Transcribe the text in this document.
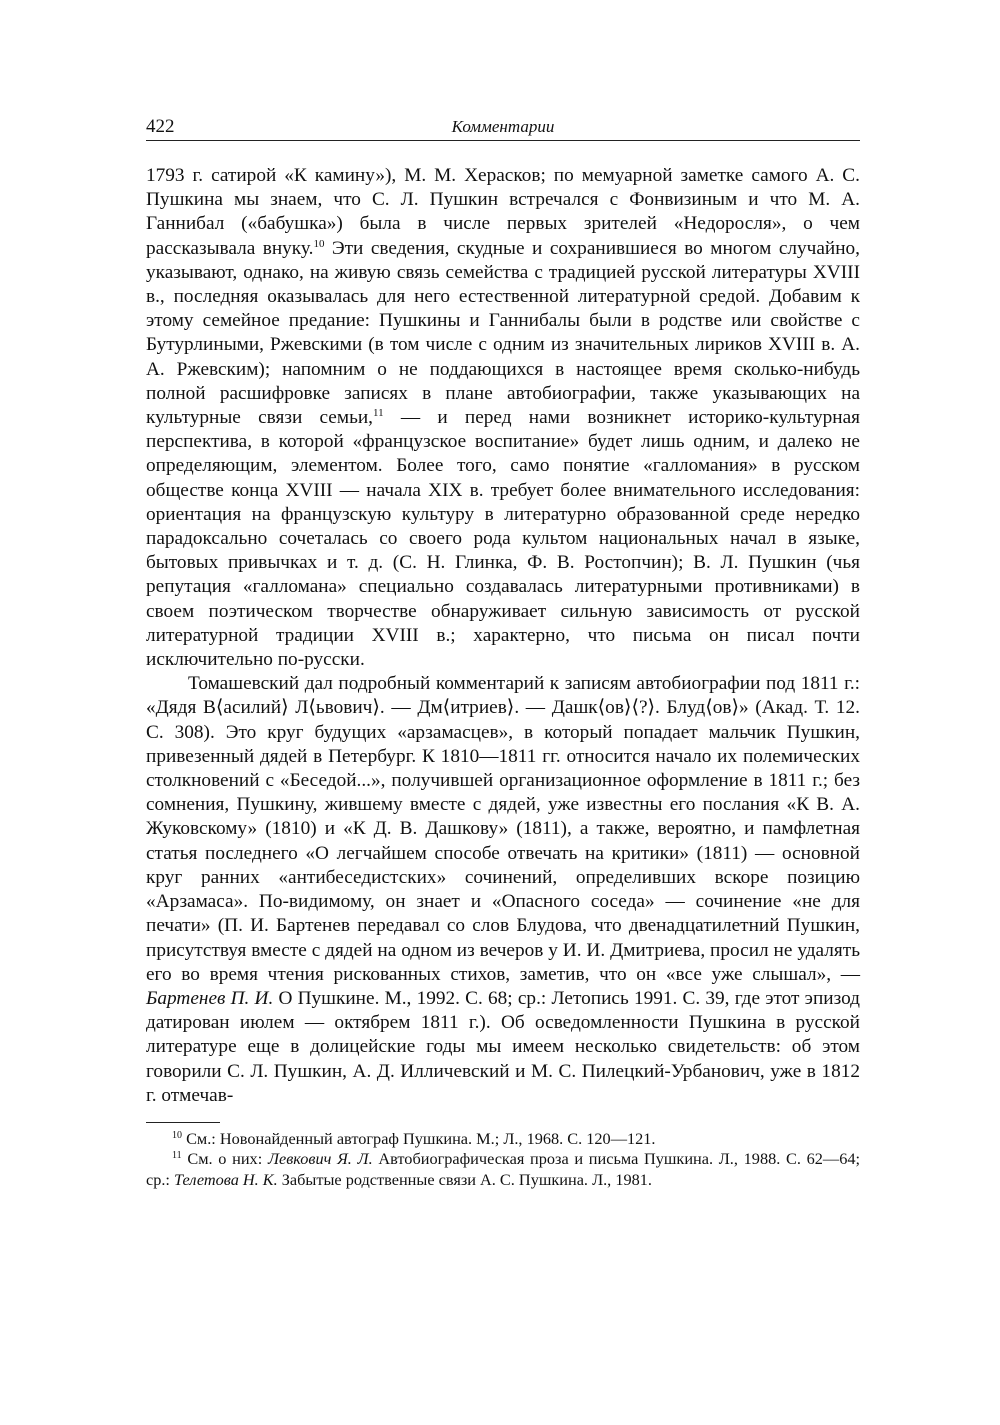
422	Комментарии

1793 г. сатирой «К камину»), М. М. Херасков; по мемуарной заметке самого А. С. Пушкина мы знаем, что С. Л. Пушкин встречался с Фонвизиным и что М. А. Ганнибал («бабушка») была в числе первых зрителей «Недоросля», о чем рассказывала внуку.$^{10}$ Эти сведения, скудные и сохранившиеся во многом случайно, указывают, однако, на живую связь семейства с традицией русской литературы XVIII в., последняя оказывалась для него естественной литературной средой. Добавим к этому семейное предание: Пушкины и Ганнибалы были в родстве или свойстве с Бутурлиными, Ржевскими (в том числе с одним из значительных лириков XVIII в. А. А. Ржевским); напомним о не поддающихся в настоящее время сколько-нибудь полной расшифровке записях в плане автобиографии, также указывающих на культурные связи семьи,$^{11}$ — и перед нами возникнет историко-культурная перспектива, в которой «французское воспитание» будет лишь одним, и далеко не определяющим, элементом. Более того, само понятие «галломания» в русском обществе конца XVIII — начала XIX в. требует более внимательного исследования: ориентация на французскую культуру в литературно образованной среде нередко парадоксально сочеталась со своего рода культом национальных начал в языке, бытовых привычках и т. д. (С. Н. Глинка, Ф. В. Ростопчин); В. Л. Пушкин (чья репутация «галломана» специально создавалась литературными противниками) в своем поэтическом творчестве обнаруживает сильную зависимость от русской литературной традиции XVIII в.; характерно, что письма он писал почти исключительно по-русски.

Томашевский дал подробный комментарий к записям автобиографии под 1811 г.: «Дядя В⟨асилий⟩ Л⟨ьвович⟩. — Дм⟨итриев⟩. — Дашк⟨ов⟩⟨?⟩. Блуд⟨ов⟩» (Акад. Т. 12. С. 308). Это круг будущих «арзамасцев», в который попадает мальчик Пушкин, привезенный дядей в Петербург. К 1810—1811 гг. относится начало их полемических столкновений с «Беседой...», получившей организационное оформление в 1811 г.; без сомнения, Пушкину, жившему вместе с дядей, уже известны его послания «К В. А. Жуковскому» (1810) и «К Д. В. Дашкову» (1811), а также, вероятно, и памфлетная статья последнего «О легчайшем способе отвечать на критики» (1811) — основной круг ранних «антибеседистских» сочинений, определивших вскоре позицию «Арзамаса». По-видимому, он знает и «Опасного соседа» — сочинение «не для печати» (П. И. Бартенев передавал со слов Блудова, что двенадцатилетний Пушкин, присутствуя вместе с дядей на одном из вечеров у И. И. Дмитриева, просил не удалять его во время чтения рискованных стихов, заметив, что он «все уже слышал», — Бартенев П. И. О Пушкине. М., 1992. С. 68; ср.: Летопись 1991. С. 39, где этот эпизод датирован июлем — октябрем 1811 г.). Об осведомленности Пушкина в русской литературе еще в долицейские годы мы имеем несколько свидетельств: об этом говорили С. Л. Пушкин, А. Д. Илличевский и М. С. Пилецкий-Урбанович, уже в 1812 г. отмечав-

$^{10}$ См.: Новонайденный автограф Пушкина. М.; Л., 1968. С. 120—121.

$^{11}$ См. о них: Левкович Я. Л. Автобиографическая проза и письма Пушкина. Л., 1988. С. 62—64; ср.: Телетова Н. К. Забытые родственные связи А. С. Пушкина. Л., 1981.
